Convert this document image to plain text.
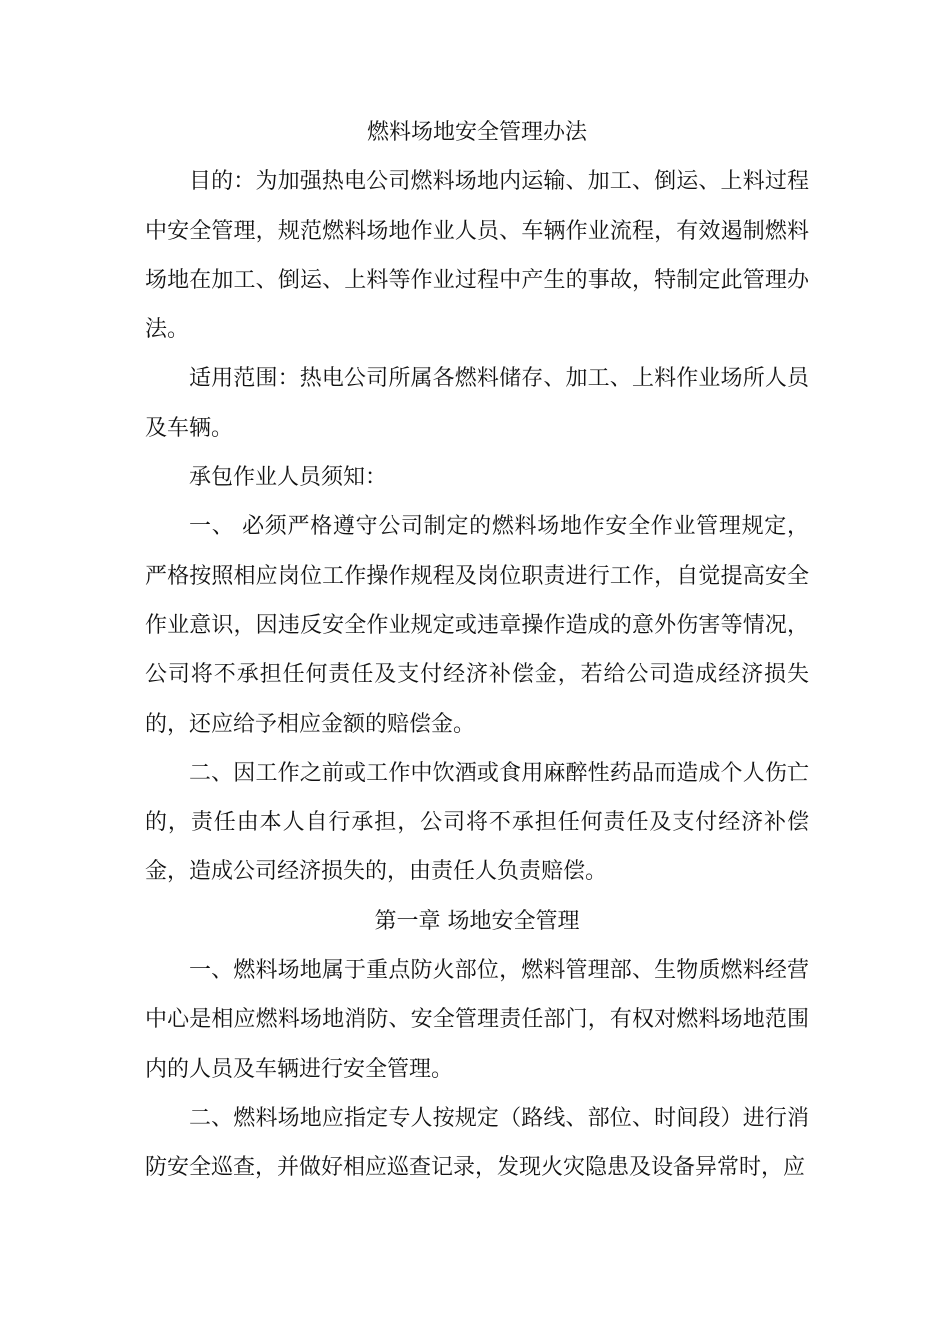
燃料场地安全管理办法

目的：为加强热电公司燃料场地内运输、加工、倒运、上料过程中安全管理，规范燃料场地作业人员、车辆作业流程，有效遏制燃料场地在加工、倒运、上料等作业过程中产生的事故，特制定此管理办法。

适用范围：热电公司所属各燃料储存、加工、上料作业场所人员及车辆。

承包作业人员须知：

一、 必须严格遵守公司制定的燃料场地作安全作业管理规定，严格按照相应岗位工作操作规程及岗位职责进行工作，自觉提高安全作业意识，因违反安全作业规定或违章操作造成的意外伤害等情况，公司将不承担任何责任及支付经济补偿金，若给公司造成经济损失的，还应给予相应金额的赔偿金。

二、因工作之前或工作中饮酒或食用麻醉性药品而造成个人伤亡的，责任由本人自行承担，公司将不承担任何责任及支付经济补偿金，造成公司经济损失的，由责任人负责赔偿。

第一章 场地安全管理

一、燃料场地属于重点防火部位，燃料管理部、生物质燃料经营中心是相应燃料场地消防、安全管理责任部门，有权对燃料场地范围内的人员及车辆进行安全管理。

二、燃料场地应指定专人按规定（路线、部位、时间段）进行消防安全巡查，并做好相应巡查记录，发现火灾隐患及设备异常时，应
